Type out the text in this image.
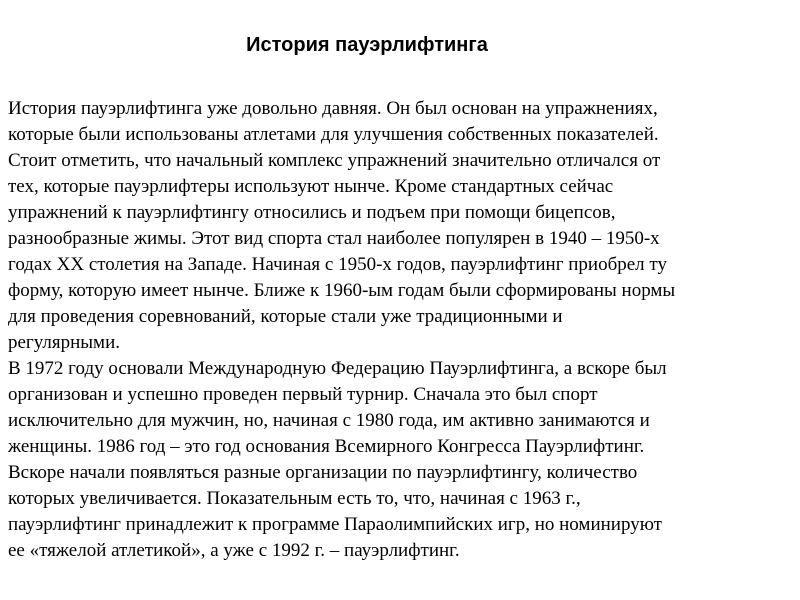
История пауэрлифтинга
История пауэрлифтинга уже довольно давняя. Он был основан на упражнениях,
которые были использованы атлетами для улучшения собственных показателей.
Стоит отметить, что начальный комплекс упражнений значительно отличался от
тех, которые пауэрлифтеры используют нынче. Кроме стандартных сейчас
упражнений к пауэрлифтингу относились и подъем при помощи бицепсов,
разнообразные жимы. Этот вид спорта стал наиболее популярен в 1940 – 1950-х
годах XX столетия на Западе. Начиная с 1950-х годов, пауэрлифтинг приобрел ту
форму, которую имеет нынче. Ближе к 1960-ым годам были сформированы нормы
для проведения соревнований, которые стали уже традиционными и
регулярными.
В 1972 году основали Международную Федерацию Пауэрлифтинга, а вскоре был
организован и успешно проведен первый турнир. Сначала это был спорт
исключительно для мужчин, но, начиная с 1980 года, им активно занимаются и
женщины. 1986 год – это год основания Всемирного Конгресса Пауэрлифтинг.
Вскоре начали появляться разные организации по пауэрлифтингу, количество
которых увеличивается. Показательным есть то, что, начиная с 1963 г.,
пауэрлифтинг принадлежит к программе Параолимпийских игр, но номинируют
ее «тяжелой атлетикой», а уже с 1992 г. – пауэрлифтинг.
